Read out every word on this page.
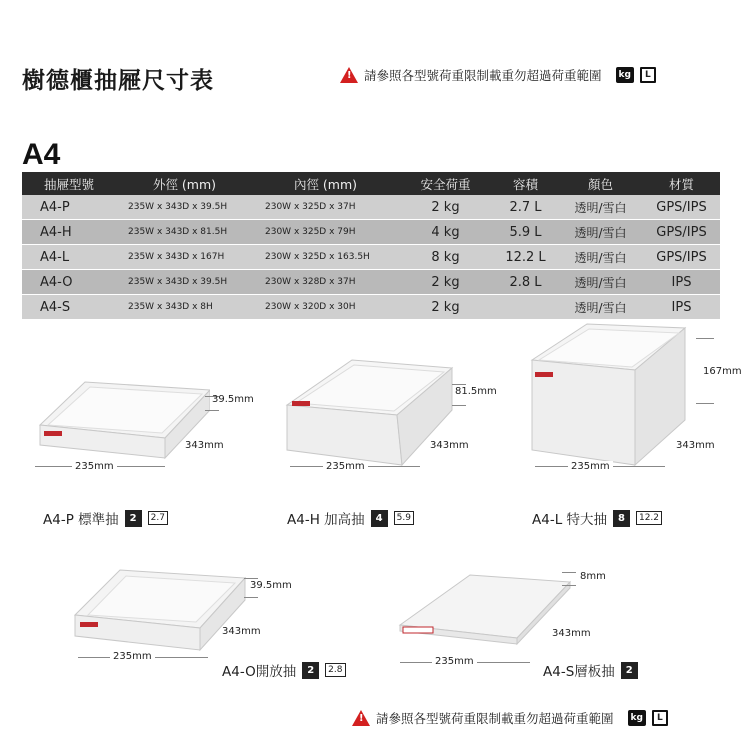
樹德櫃抽屜尺寸表	! 請參照各型號荷重限制載重勿超過荷重範圍	kg	L
A4
抽屜型號	外徑 (mm)	內徑 (mm)	安全荷重	容積	顏色	材質
A4-P	235W x 343D x 39.5H	230W x 325D x 37H	2 kg	2.7 L	透明/雪白	GPS/IPS
A4-H	235W x 343D x 81.5H	230W x 325D x 79H	4 kg	5.9 L	透明/雪白	GPS/IPS
A4-L	235W x 343D x 167H	230W x 325D x 163.5H	8 kg	12.2 L	透明/雪白	GPS/IPS
A4-O	235W x 343D x 39.5H	230W x 328D x 37H	2 kg	2.8 L	透明/雪白	IPS
A4-S	235W x 343D x 8H	230W x 320D x 30H	2 kg		透明/雪白	IPS
39.5mm
343mm
235mm
81.5mm
343mm
235mm
167mm
343mm
235mm
A4-P 標準抽	2	2.7	A4-H 加高抽	4	5.9	A4-L 特大抽	8	12.2
39.5mm
343mm
235mm
8mm
343mm
235mm
A4-O開放抽	2	2.8	A4-S層板抽	2
! 請參照各型號荷重限制載重勿超過荷重範圍	kg	L
